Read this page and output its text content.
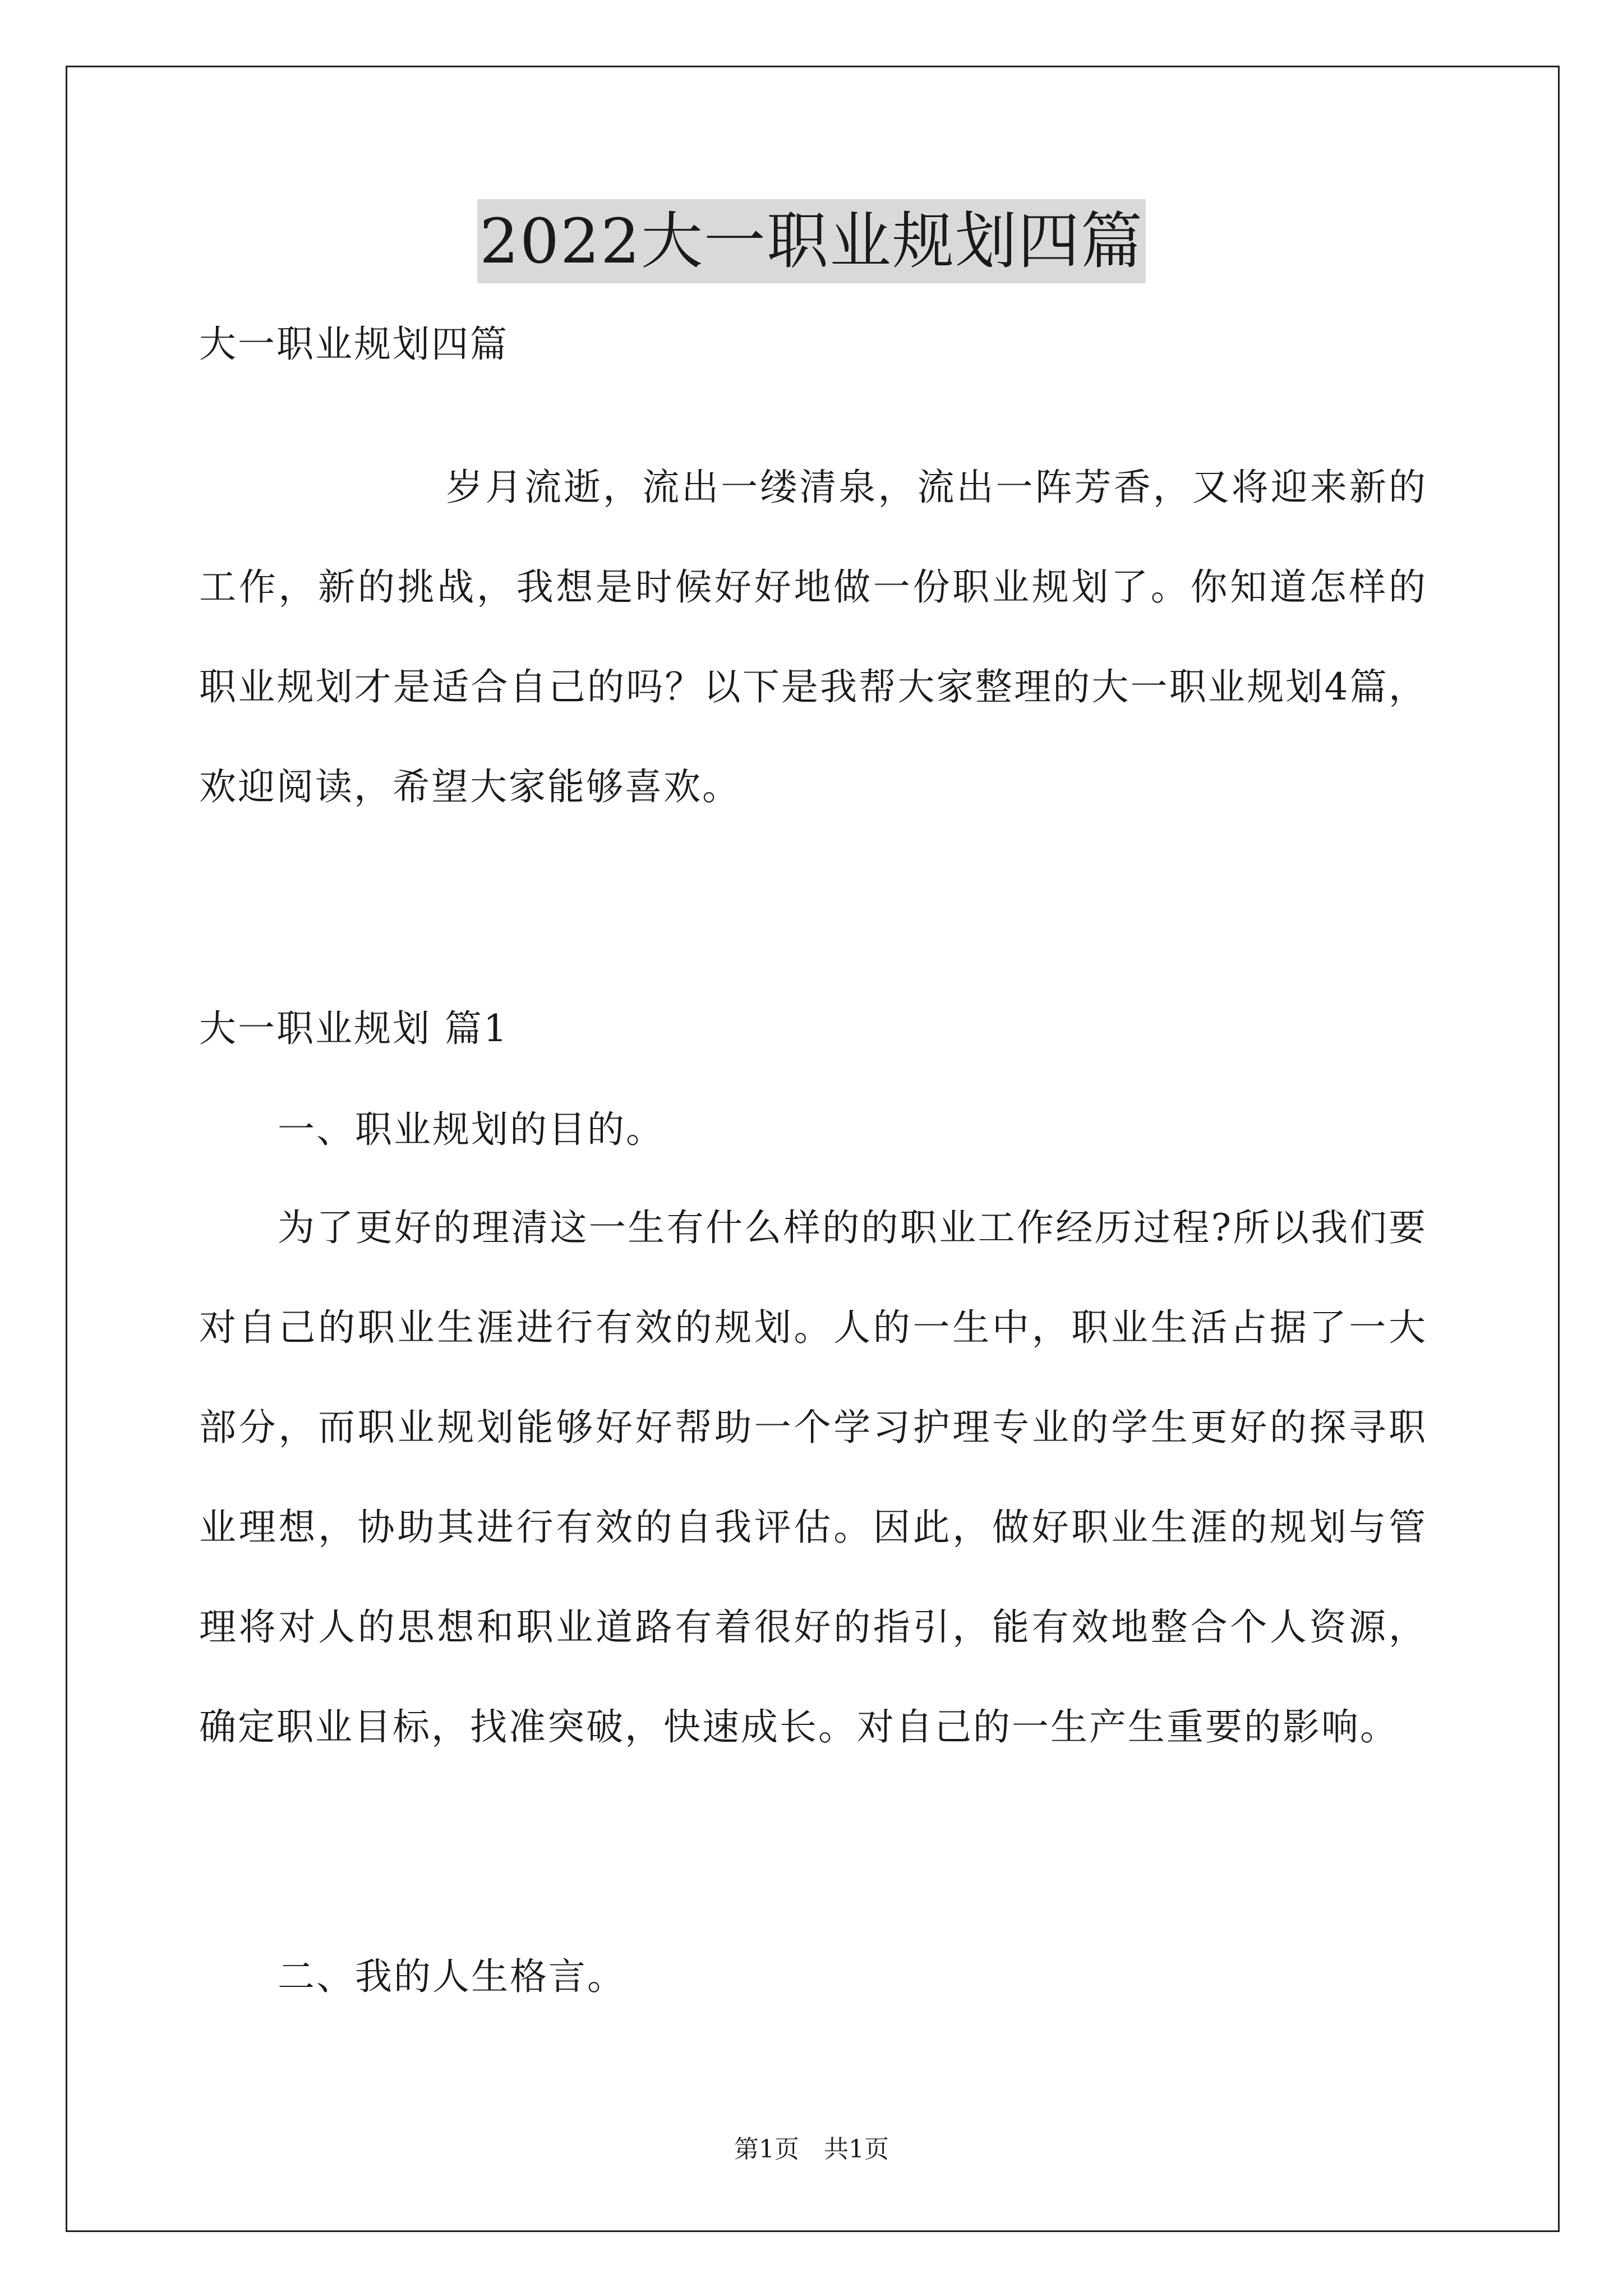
2022大一职业规划四篇
大一职业规划四篇
岁月流逝，流出一缕清泉，流出一阵芳香，又将迎来新的工作，新的挑战，我想是时候好好地做一份职业规划了。你知道怎样的职业规划才是适合自己的吗？以下是我帮大家整理的大一职业规划4篇，欢迎阅读，希望大家能够喜欢。
大一职业规划 篇1
一、职业规划的目的。
为了更好的理清这一生有什么样的的职业工作经历过程?所以我们要对自己的职业生涯进行有效的规划。人的一生中，职业生活占据了一大部分，而职业规划能够好好帮助一个学习护理专业的学生更好的探寻职业理想，协助其进行有效的自我评估。因此，做好职业生涯的规划与管理将对人的思想和职业道路有着很好的指引，能有效地整合个人资源，确定职业目标，找准突破，快速成长。对自己的一生产生重要的影响。
二、我的人生格言。
第1页　共1页
